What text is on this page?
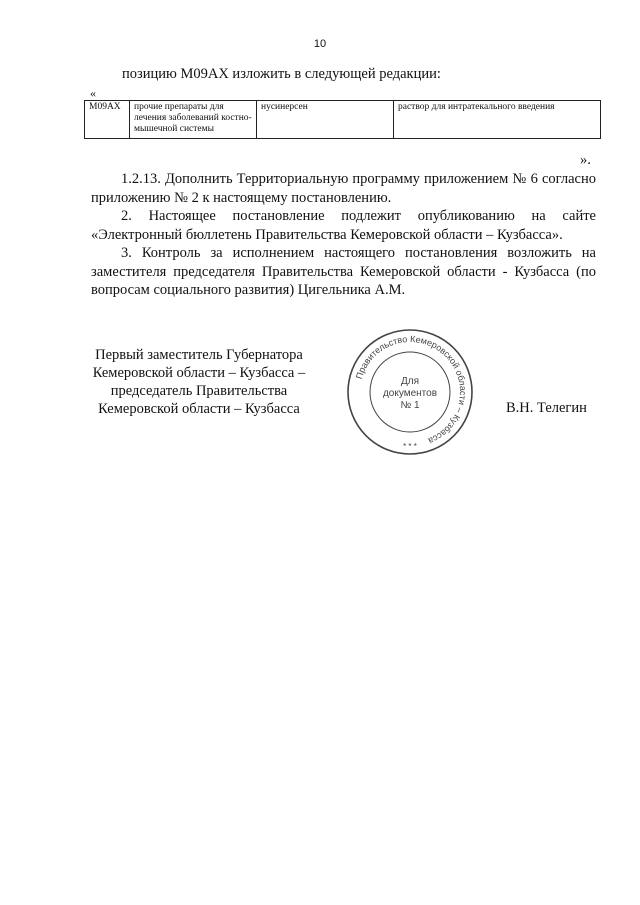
10
позицию М09АХ изложить в следующей редакции:
«
М09АХ	прочие препараты для лечения заболеваний костно-мышечной системы	нусинерсен	раствор для интратекального введения
».
1.2.13. Дополнить Территориальную программу приложением № 6 согласно приложению № 2 к настоящему постановлению.
2. Настоящее постановление подлежит опубликованию на сайте «Электронный бюллетень Правительства Кемеровской области – Кузбасса».
3. Контроль за исполнением настоящего постановления возложить на заместителя председателя Правительства Кемеровской области - Кузбасса (по вопросам социального развития) Цигельника А.М.
Первый заместитель Губернатора
Кемеровской области – Кузбасса –
председатель Правительства
Кемеровской области – Кузбасса
Правительство Кемеровской области – Кузбасса
Для
документов
№ 1
* * *
В.Н. Телегин
